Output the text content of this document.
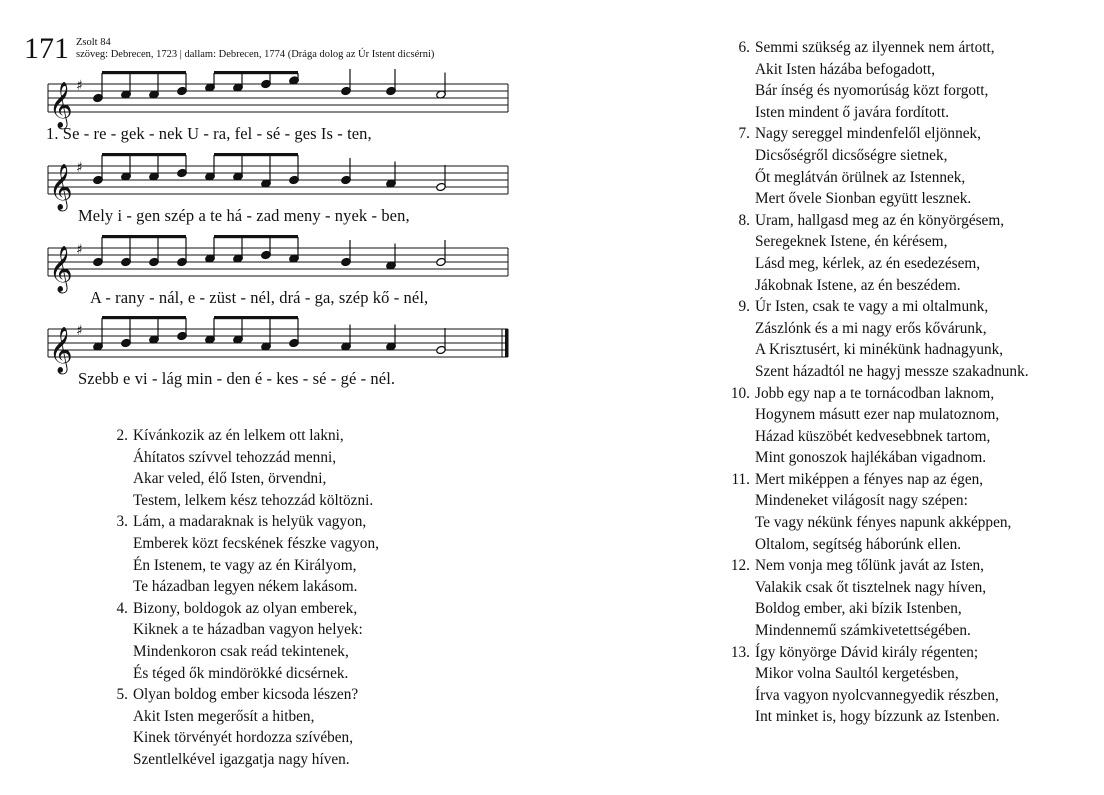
171 Zsolt 84
szöveg: Debrecen, 1723 | dallam: Debrecen, 1774 (Drága dolog az Úr Istent dicsérni)
𝄞 ♯
1. Se - re - gek - nek U - ra, fel - sé - ges Is - ten,
𝄞 ♯
Mely i - gen szép a te há - zad meny - nyek - ben,
𝄞 ♯
A - rany - nál, e - züst - nél, drá - ga, szép kő - nél,
𝄞 ♯
Szebb e vi - lág min - den é - kes - sé - gé - nél.
2. Kívánkozik az én lelkem ott lakni,
Áhítatos szívvel tehozzád menni,
Akar veled, élő Isten, örvendni,
Testem, lelkem kész tehozzád költözni.
3. Lám, a madaraknak is helyük vagyon,
Emberek közt fecskének fészke vagyon,
Én Istenem, te vagy az én Királyom,
Te házadban legyen nékem lakásom.
4. Bizony, boldogok az olyan emberek,
Kiknek a te házadban vagyon helyek:
Mindenkoron csak reád tekintenek,
És téged ők mindörökké dicsérnek.
5. Olyan boldog ember kicsoda lészen?
Akit Isten megerősít a hitben,
Kinek törvényét hordozza szívében,
Szentlelkével igazgatja nagy híven.
6. Semmi szükség az ilyennek nem ártott,
Akit Isten házába befogadott,
Bár ínség és nyomorúság közt forgott,
Isten mindent ő javára fordított.
7. Nagy sereggel mindenfelől eljönnek,
Dicsőségről dicsőségre sietnek,
Őt meglátván örülnek az Istennek,
Mert ővele Sionban együtt lesznek.
8. Uram, hallgasd meg az én könyörgésem,
Seregeknek Istene, én kérésem,
Lásd meg, kérlek, az én esedezésem,
Jákobnak Istene, az én beszédem.
9. Úr Isten, csak te vagy a mi oltalmunk,
Zászlónk és a mi nagy erős kővárunk,
A Krisztusért, ki minékünk hadnagyunk,
Szent házadtól ne hagyj messze szakadnunk.
10. Jobb egy nap a te tornácodban laknom,
Hogynem másutt ezer nap mulatoznom,
Házad küszöbét kedvesebbnek tartom,
Mint gonoszok hajlékában vigadnom.
11. Mert miképpen a fényes nap az égen,
Mindeneket világosít nagy szépen:
Te vagy nékünk fényes napunk akképpen,
Oltalom, segítség háborúnk ellen.
12. Nem vonja meg tőlünk javát az Isten,
Valakik csak őt tisztelnek nagy híven,
Boldog ember, aki bízik Istenben,
Mindennemű számkivetettségében.
13. Így könyörge Dávid király régenten;
Mikor volna Saultól kergetésben,
Írva vagyon nyolcvannegyedik részben,
Int minket is, hogy bízzunk az Istenben.
